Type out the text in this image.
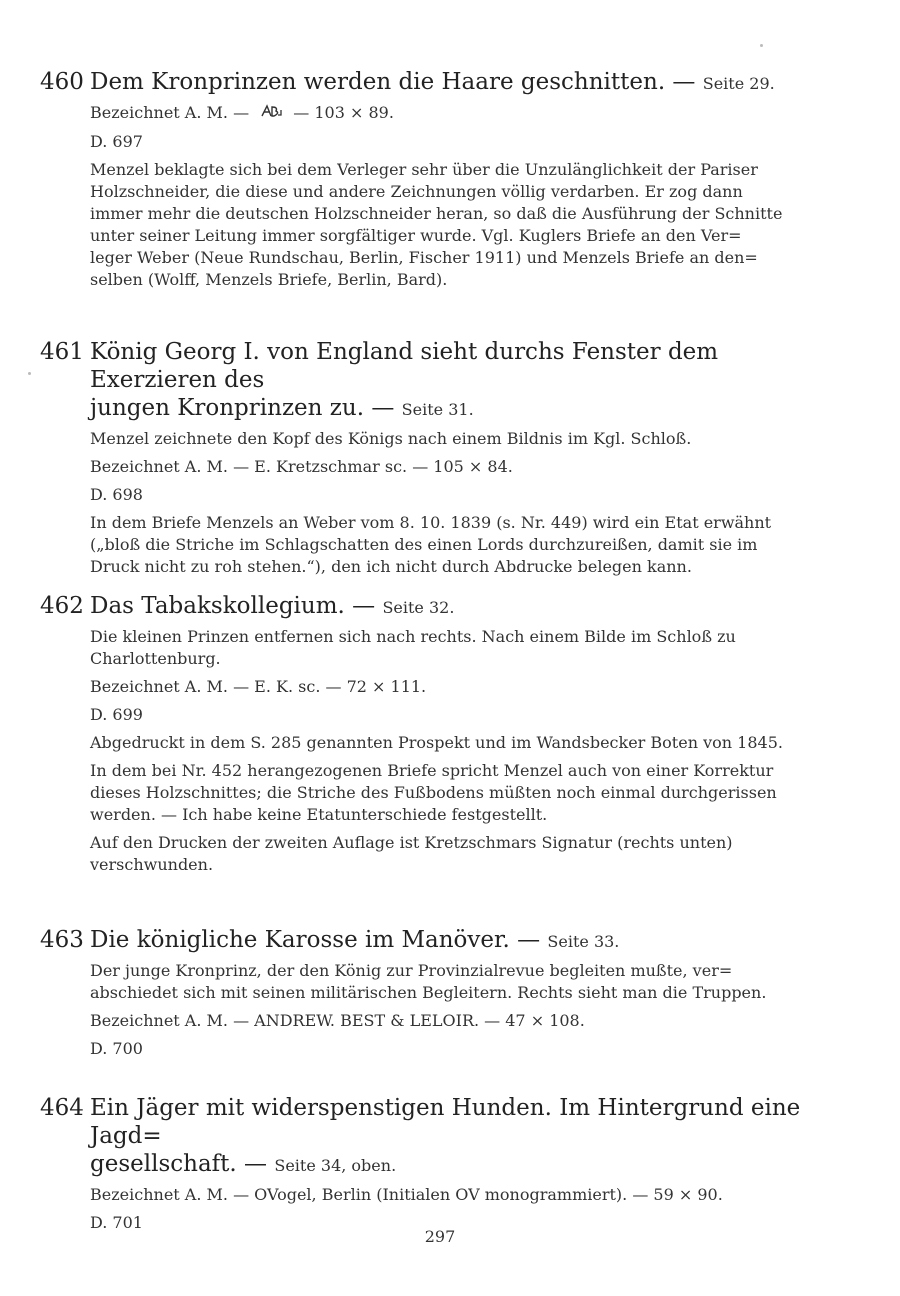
460 Dem Kronprinzen werden die Haare geschnitten. — Seite 29.

Bezeichnet A. M. —	— 103 × 89.

D. 697

Menzel beklagte sich bei dem Verleger sehr über die Unzulänglichkeit der Pariser

Holzschneider, die diese und andere Zeichnungen völlig verdarben. Er zog dann

immer mehr die deutschen Holzschneider heran, so daß die Ausführung der Schnitte

unter seiner Leitung immer sorgfältiger wurde. Vgl. Kuglers Briefe an den Ver=

leger Weber (Neue Rundschau, Berlin, Fischer 1911) und Menzels Briefe an den=

selben (Wolff, Menzels Briefe, Berlin, Bard).

461 König Georg I. von England sieht durchs Fenster dem Exerzieren des
jungen Kronprinzen zu. — Seite 31.

Menzel zeichnete den Kopf des Königs nach einem Bildnis im Kgl. Schloß.

Bezeichnet A. M. — E. Kretzschmar sc. — 105 × 84.

D. 698

In dem Briefe Menzels an Weber vom 8. 10. 1839 (s. Nr. 449) wird ein Etat erwähnt

(„bloß die Striche im Schlagschatten des einen Lords durchzureißen, damit sie im

Druck nicht zu roh stehen.“), den ich nicht durch Abdrucke belegen kann.

462 Das Tabakskollegium. — Seite 32.

Die kleinen Prinzen entfernen sich nach rechts. Nach einem Bilde im Schloß zu

Charlottenburg.

Bezeichnet A. M. — E. K. sc. — 72 × 111.

D. 699

Abgedruckt in dem S. 285 genannten Prospekt und im Wandsbecker Boten von 1845.

In dem bei Nr. 452 herangezogenen Briefe spricht Menzel auch von einer Korrektur

dieses Holzschnittes; die Striche des Fußbodens müßten noch einmal durchgerissen

werden. — Ich habe keine Etatunterschiede festgestellt.

Auf den Drucken der zweiten Auflage ist Kretzschmars Signatur (rechts unten)

verschwunden.

463 Die königliche Karosse im Manöver. — Seite 33.

Der junge Kronprinz, der den König zur Provinzialrevue begleiten mußte, ver=

abschiedet sich mit seinen militärischen Begleitern. Rechts sieht man die Truppen.

Bezeichnet A. M. — ANDREW. BEST & LELOIR. — 47 × 108.

D. 700

464 Ein Jäger mit widerspenstigen Hunden. Im Hintergrund eine Jagd=
gesellschaft. — Seite 34, oben.

Bezeichnet A. M. — OVogel, Berlin (Initialen OV monogrammiert). — 59 × 90.

D. 701

297
